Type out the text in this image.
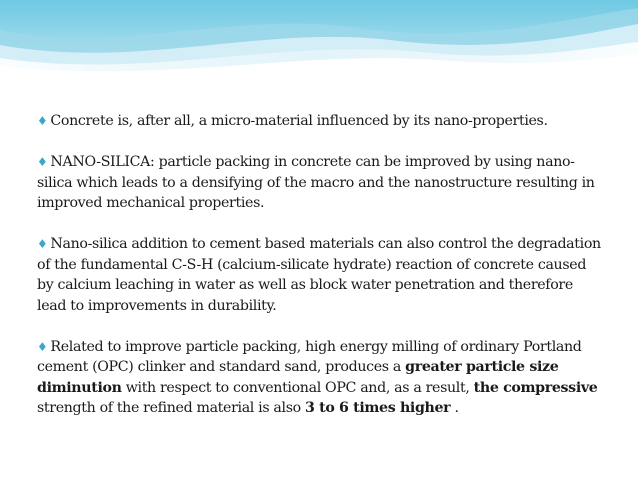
♦ Concrete is, after all, a micro-material influenced by its nano-properties.

♦ NANO-SILICA: particle packing in concrete can be improved by using nano-silica which leads to a densifying of the macro and the nanostructure resulting in improved mechanical properties.

♦ Nano-silica addition to cement based materials can also control the degradation of the fundamental C-S-H (calcium-silicate hydrate) reaction of concrete caused by calcium leaching in water as well as block water penetration and therefore lead to improvements in durability.

♦ Related to improve particle packing, high energy milling of ordinary Portland cement (OPC) clinker and standard sand, produces a greater particle size diminution with respect to conventional OPC and, as a result, the compressive strength of the refined material is also 3 to 6 times higher .
